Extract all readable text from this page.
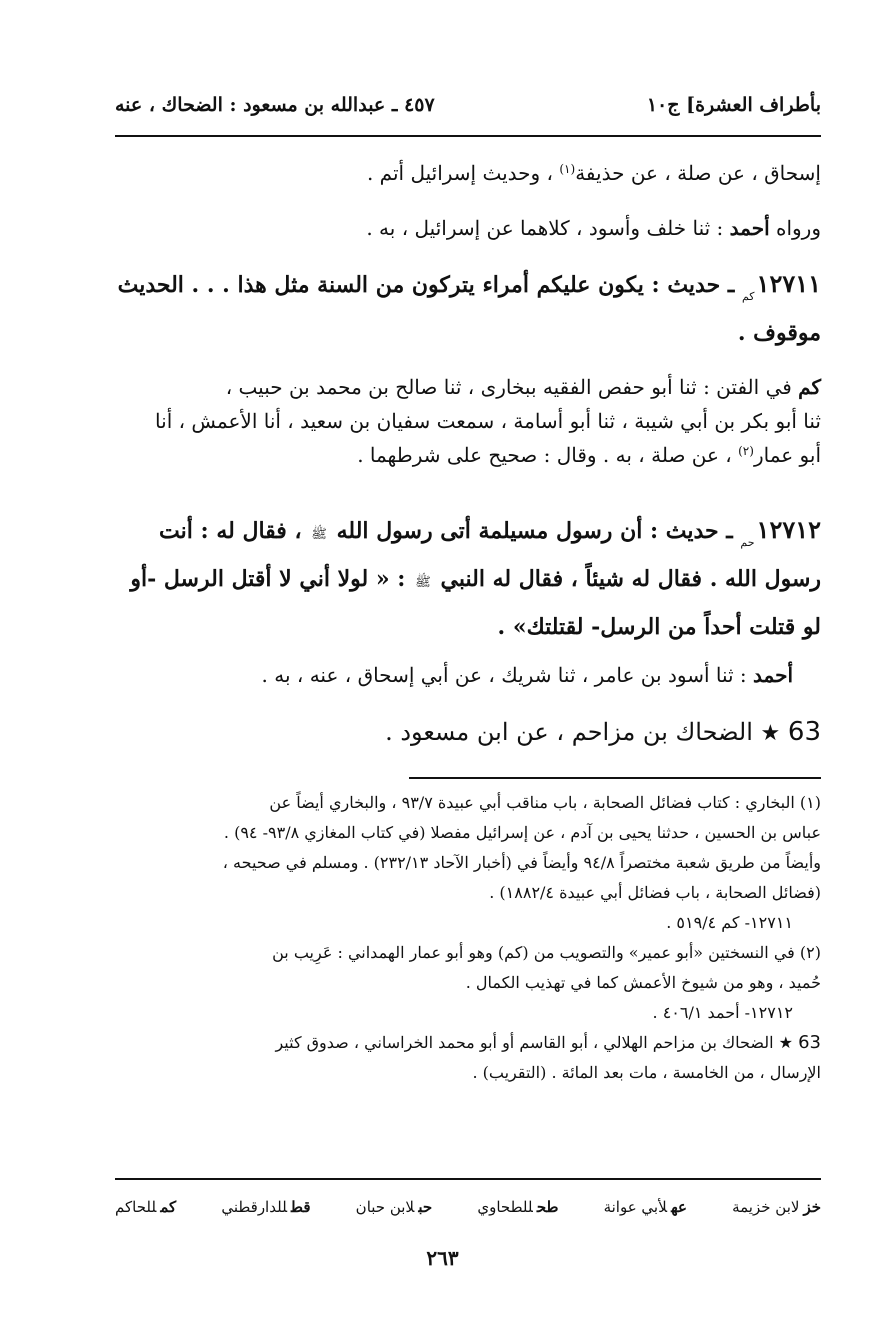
بأطراف العشرة] ج١٠
٤٥٧ ـ عبدالله بن مسعود : الضحاك ، عنه

إسحاق ، عن صلة ، عن حذيفة$^{(١)}$ ، وحديث إسرائيل أتم .

ورواه أحمد : ثنا خلف وأسود ، كلاهما عن إسرائيل ، به .

$١٢٧١١_{كم}$ ـ حديث : يكون عليكم أمراء يتركون من السنة مثل هذا . . . الحديث

موقوف .

كم في الفتن : ثنا أبو حفص الفقيه ببخارى ، ثنا صالح بن محمد بن حبيب ،

ثنا أبو بكر بن أبي شيبة ، ثنا أبو أسامة ، سمعت سفيان بن سعيد ، أنا الأعمش ، أنا

أبو عمار$^{(٢)}$ ، عن صلة ، به . وقال : صحيح على شرطهما .

$١٢٧١٢_{حم}$ ـ حديث : أن رسول مسيلمة أتى رسول الله ﷺ ، فقال له : أنت

رسول الله . فقال له شيئاً ، فقال له النبي ﷺ : « لولا أني لا أقتل الرسل -أو

لو قتلت أحداً من الرسل- لقتلتك» .

أحمد : ثنا أسود بن عامر ، ثنا شريك ، عن أبي إسحاق ، عنه ، به .

63 ★ الضحاك بن مزاحم ، عن ابن مسعود .

(١) البخاري : كتاب فضائل الصحابة ، باب مناقب أبي عبيدة ٩٣/٧ ، والبخاري أيضاً عن

عباس بن الحسين ، حدثنا يحيى بن آدم ، عن إسرائيل مفصلا (في كتاب المغازي ٩٣/٨- ٩٤) .

وأيضاً من طريق شعبة مختصراً ٩٤/٨ وأيضاً في (أخبار الآحاد ٢٣٢/١٣) . ومسلم في صحيحه ،

(فضائل الصحابة ، باب فضائل أبي عبيدة ١٨٨٢/٤) .

١٢٧١١- كم ٥١٩/٤ .

(٢) في النسختين «أبو عمير» والتصويب من (كم) وهو أبو عمار الهمداني : عَرِيب بن

حُميد ، وهو من شيوخ الأعمش كما في تهذيب الكمال .

١٢٧١٢- أحمد ٤٠٦/١ .

63 ★ الضحاك بن مزاحم الهلالي ، أبو القاسم أو أبو محمد الخراساني ، صدوق كثير

الإرسال ، من الخامسة ، مات بعد المائة . (التقريب) .

خزلابن خزيمة
عهلأبي عوانة
طحللطحاوي
حبلابن حبان
قطللدارقطني
كمللحاكم
٢٦٣
